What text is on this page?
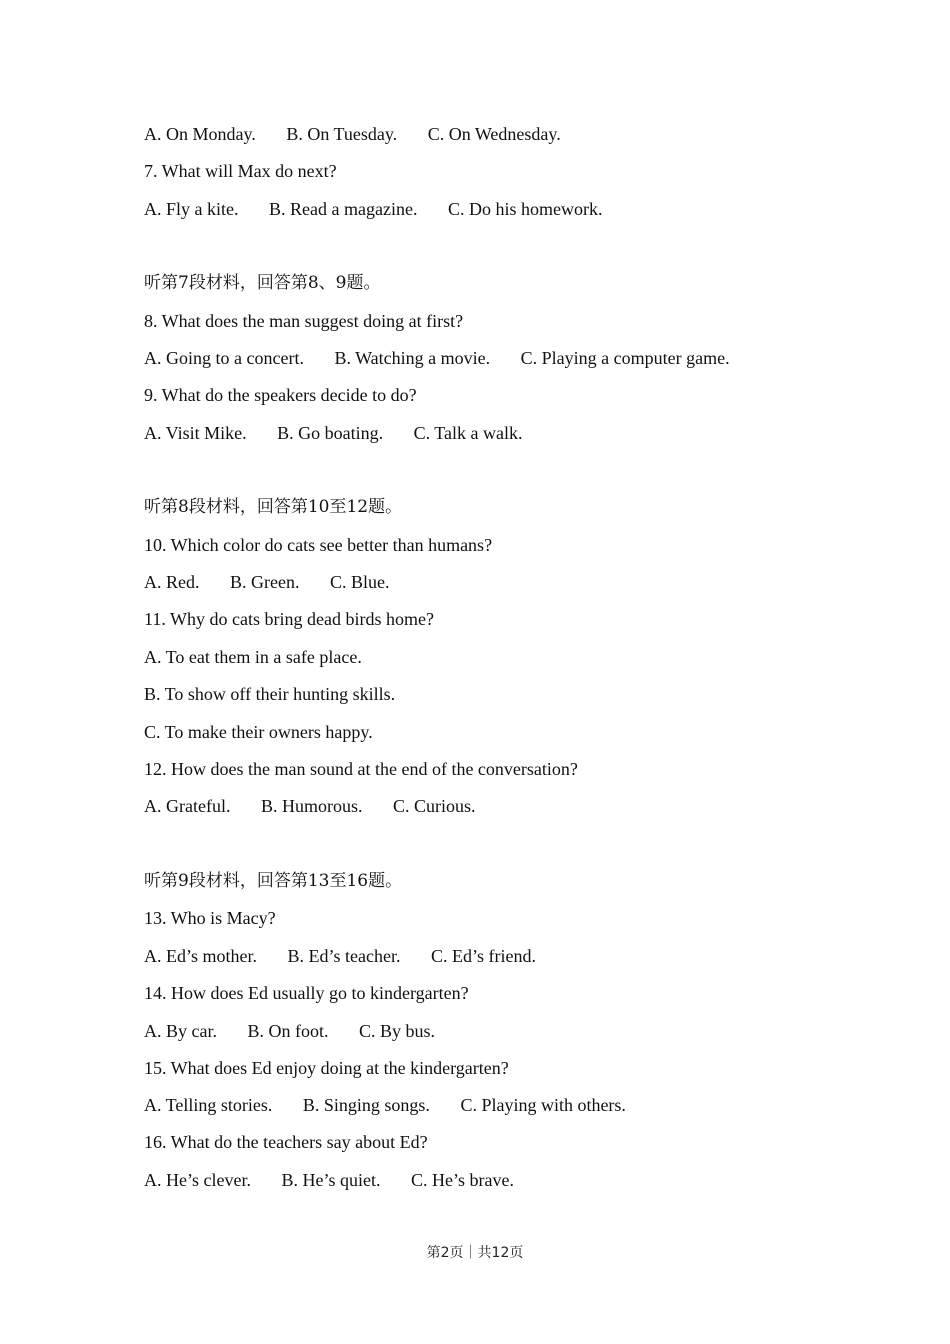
A. On Monday. B. On Tuesday. C. On Wednesday.
7. What will Max do next?
A. Fly a kite. B. Read a magazine. C. Do his homework.
听第7段材料，回答第8、9题。
8. What does the man suggest doing at first?
A. Going to a concert. B. Watching a movie. C. Playing a computer game.
9. What do the speakers decide to do?
A. Visit Mike. B. Go boating. C. Talk a walk.
听第8段材料，回答第10至12题。
10. Which color do cats see better than humans?
A. Red. B. Green. C. Blue.
11. Why do cats bring dead birds home?
A. To eat them in a safe place.
B. To show off their hunting skills.
C. To make their owners happy.
12. How does the man sound at the end of the conversation?
A. Grateful. B. Humorous. C. Curious.
听第9段材料，回答第13至16题。
13. Who is Macy?
A. Ed’s mother. B. Ed’s teacher. C. Ed’s friend.
14. How does Ed usually go to kindergarten?
A. By car. B. On foot. C. By bus.
15. What does Ed enjoy doing at the kindergarten?
A. Telling stories. B. Singing songs. C. Playing with others.
16. What do the teachers say about Ed?
A. He’s clever. B. He’s quiet. C. He’s brave.
第2页｜共12页
